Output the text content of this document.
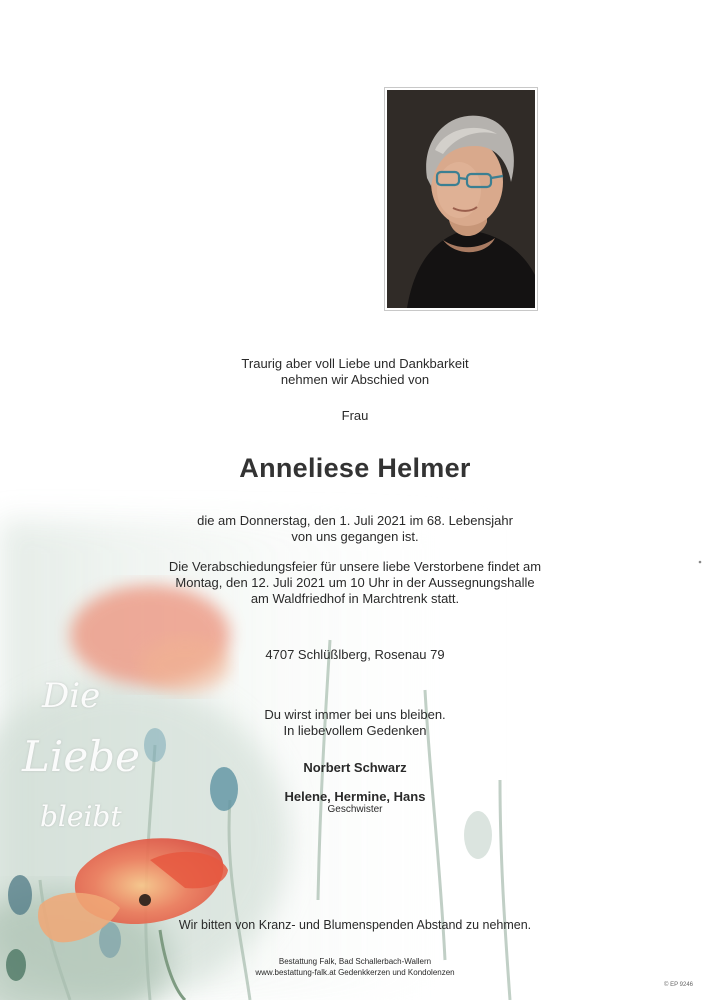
Die
Liebe
bleibt

Traurig aber voll Liebe und Dankbarkeit

nehmen wir Abschied von

Frau

Anneliese Helmer

die am Donnerstag, den 1. Juli 2021 im 68. Lebensjahr

von uns gegangen ist.

Die Verabschiedungsfeier für unsere liebe Verstorbene findet am

Montag, den 12. Juli 2021 um 10 Uhr in der Aussegnungshalle

am Waldfriedhof in Marchtrenk statt.

4707 Schlüßlberg, Rosenau 79

Du wirst immer bei uns bleiben.

In liebevollem Gedenken

Norbert Schwarz

Helene, Hermine, Hans

Geschwister

Wir bitten von Kranz- und Blumenspenden Abstand zu nehmen.

Bestattung Falk, Bad Schallerbach-Wallern

www.bestattung-falk.at Gedenkkerzen und Kondolenzen

© EP 9246
